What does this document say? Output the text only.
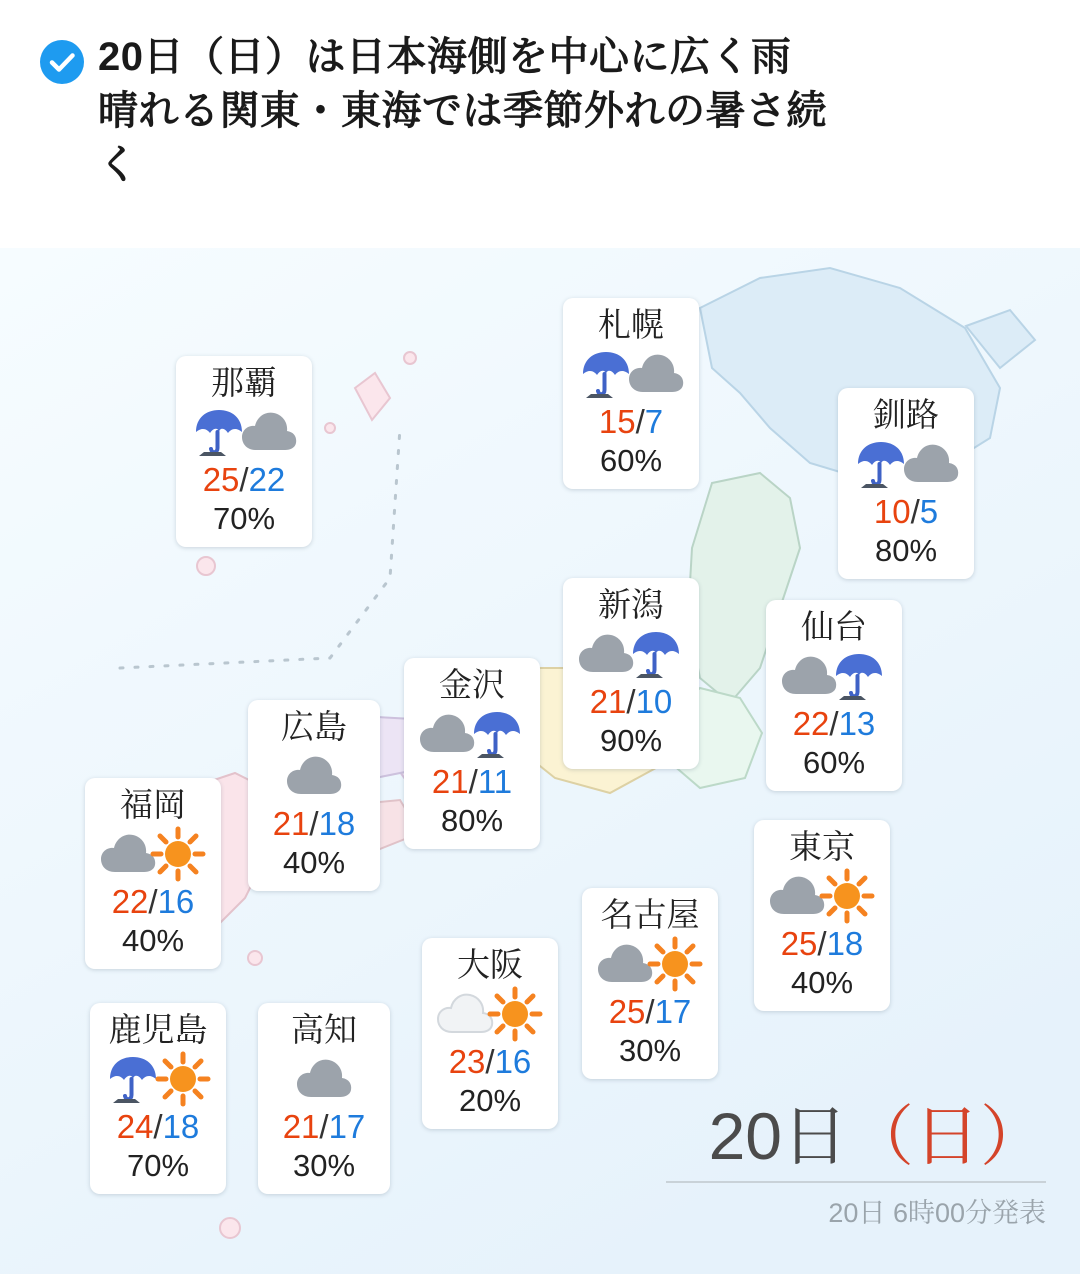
20日（日）は日本海側を中心に広く雨
晴れる関東・東海では季節外れの暑さ続
く
那覇
25/22
70%
札幌
15/7
60%
釧路
10/5
80%
新潟
21/10
90%
仙台
22/13
60%
金沢
21/11
80%
広島
21/18
40%	東京
25/18
40%
福岡
22/16
40%
名古屋
25/17
30%
大阪
23/16
20%
鹿児島
24/18
70%
高知
21/17
30%	20日（日）
20日 6時00分発表
